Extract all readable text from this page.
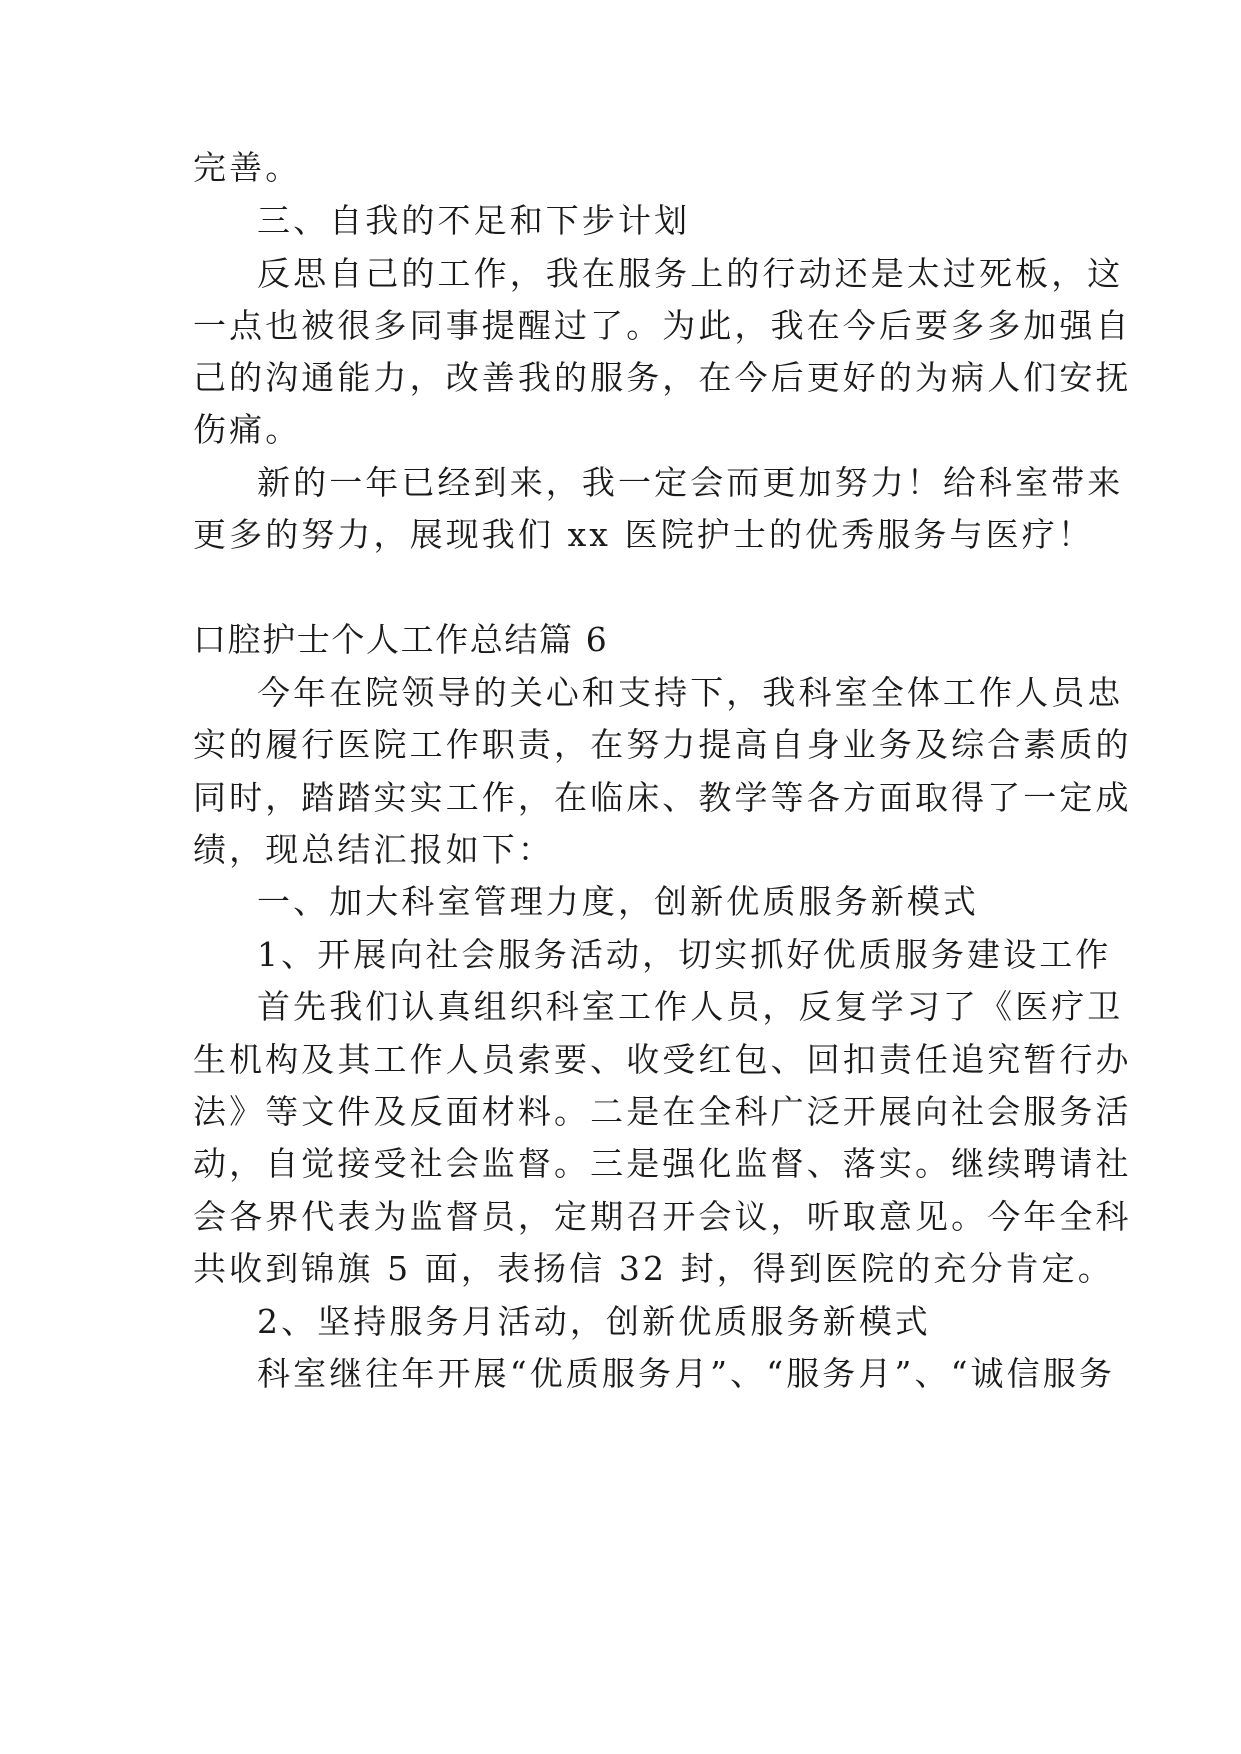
完善。
三、自我的不足和下步计划
反思自己的工作，我在服务上的行动还是太过死板，这
一点也被很多同事提醒过了。为此，我在今后要多多加强自
己的沟通能力，改善我的服务，在今后更好的为病人们安抚
伤痛。
新的一年已经到来，我一定会而更加努力！给科室带来
更多的努力，展现我们 xx 医院护士的优秀服务与医疗！
口腔护士个人工作总结篇 6
今年在院领导的关心和支持下，我科室全体工作人员忠
实的履行医院工作职责，在努力提高自身业务及综合素质的
同时，踏踏实实工作，在临床、教学等各方面取得了一定成
绩，现总结汇报如下：
一、加大科室管理力度，创新优质服务新模式
1、开展向社会服务活动，切实抓好优质服务建设工作
首先我们认真组织科室工作人员，反复学习了《医疗卫
生机构及其工作人员索要、收受红包、回扣责任追究暂行办
法》等文件及反面材料。二是在全科广泛开展向社会服务活
动，自觉接受社会监督。三是强化监督、落实。继续聘请社
会各界代表为监督员，定期召开会议，听取意见。今年全科
共收到锦旗 5 面，表扬信 32 封，得到医院的充分肯定。
2、坚持服务月活动，创新优质服务新模式
科室继往年开展“优质服务月”、“服务月”、“诚信服务
